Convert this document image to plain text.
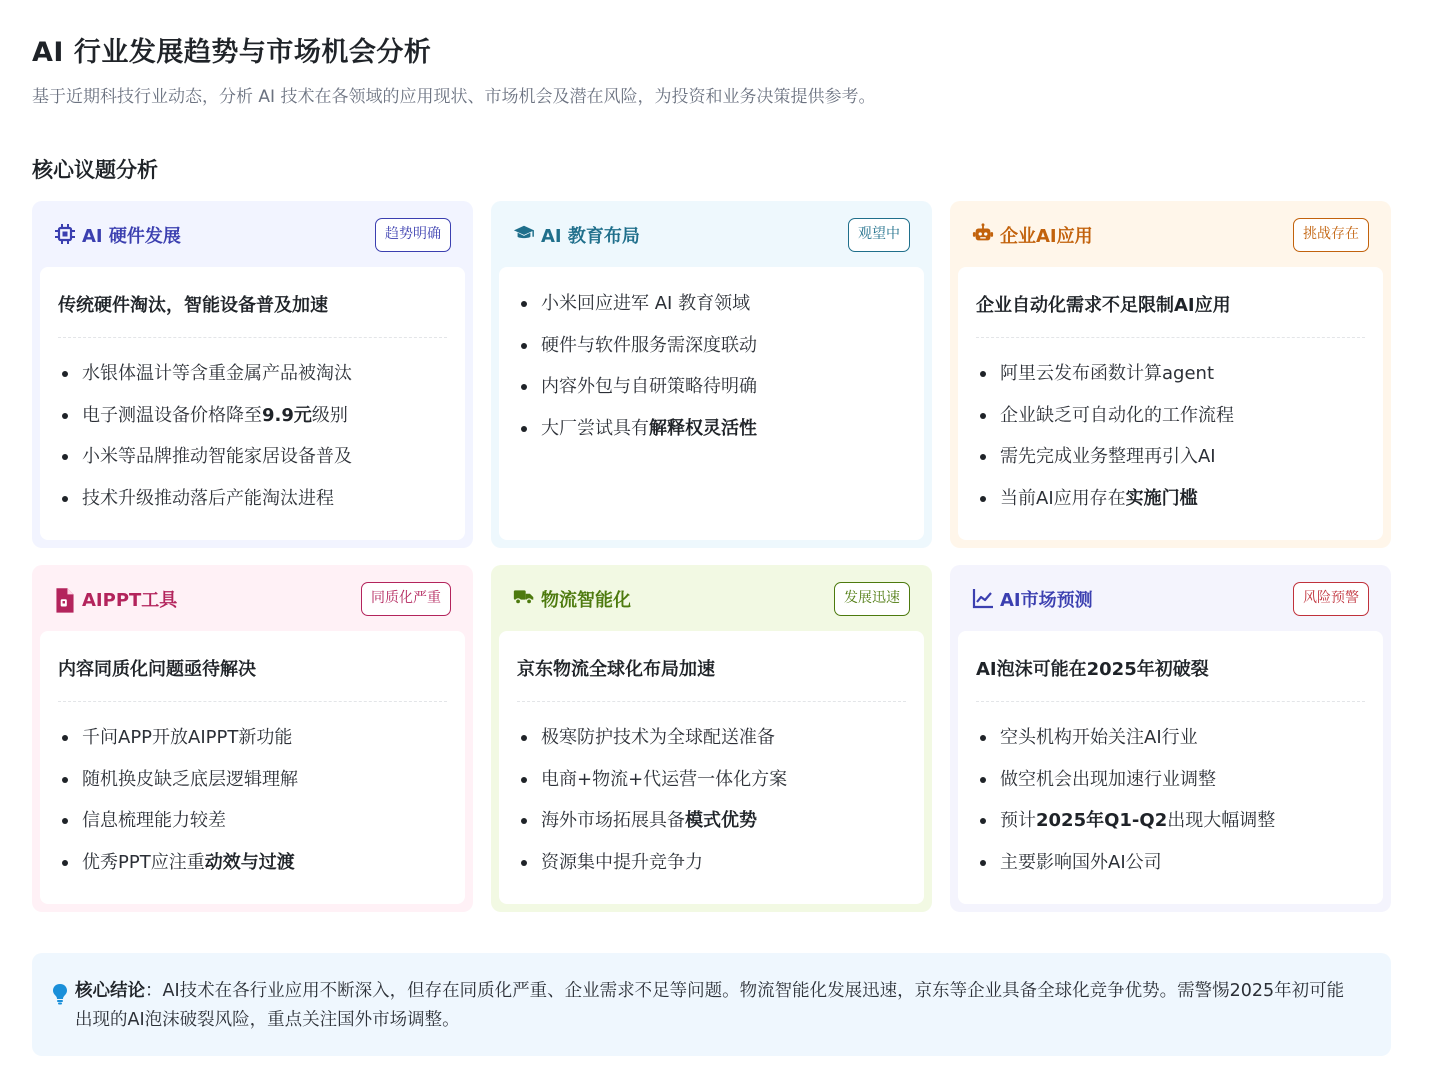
AI 行业发展趋势与市场机会分析
基于近期科技行业动态，分析 AI 技术在各领域的应用现状、市场机会及潜在风险，为投资和业务决策提供参考。
核心议题分析
AI 硬件发展	趋势明确
传统硬件淘汰，智能设备普及加速
水银体温计等含重金属产品被淘汰
电子测温设备价格降至9.9元级别
小米等品牌推动智能家居设备普及
技术升级推动落后产能淘汰进程
AI 教育布局	观望中
小米回应进军 AI 教育领域
硬件与软件服务需深度联动
内容外包与自研策略待明确
大厂尝试具有解释权灵活性
企业AI应用	挑战存在
企业自动化需求不足限制AI应用
阿里云发布函数计算agent
企业缺乏可自动化的工作流程
需先完成业务整理再引入AI
当前AI应用存在实施门槛
AIPPT工具	同质化严重
内容同质化问题亟待解决
千问APP开放AIPPT新功能
随机换皮缺乏底层逻辑理解
信息梳理能力较差
优秀PPT应注重动效与过渡
物流智能化	发展迅速
京东物流全球化布局加速
极寒防护技术为全球配送准备
电商+物流+代运营一体化方案
海外市场拓展具备模式优势
资源集中提升竞争力
AI市场预测	风险预警
AI泡沫可能在2025年初破裂
空头机构开始关注AI行业
做空机会出现加速行业调整
预计2025年Q1-Q2出现大幅调整
主要影响国外AI公司
核心结论：AI技术在各行业应用不断深入，但存在同质化严重、企业需求不足等问题。物流智能化发展迅速，京东等企业具备全球化竞争优势。需警惕2025年初可能出现的AI泡沫破裂风险，重点关注国外市场调整。
